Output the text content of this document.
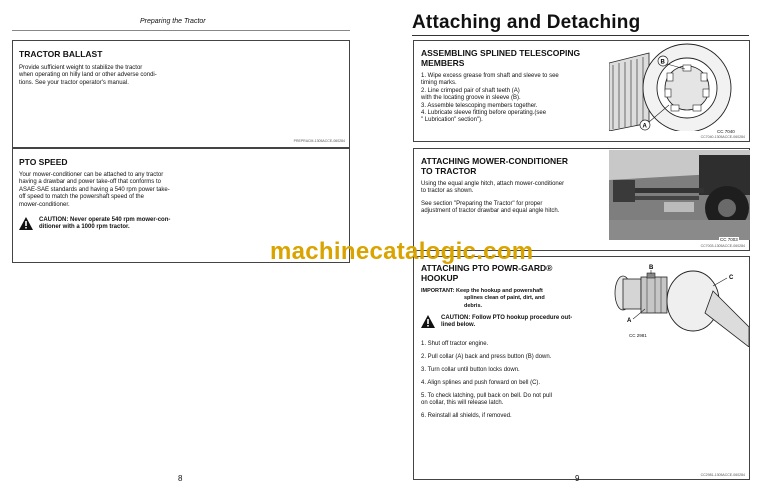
Preparing the Tractor
TRACTOR BALLAST

Provide sufficient weight to stabilize the tractor

when operating on hilly land or other adverse condi-

tions. See your tractor operator's manual.

PREPRACM-1305ACCE-060284
PTO SPEED

Your mower-conditioner can be attached to any tractor

having a drawbar and power take-off that conforms to

ASAE-SAE standards and having a 540 rpm power take-

off speed to match the powershaft speed of the

mower-conditioner.

CAUTION: Never operate 540 rpm mower-con-
ditioner with a 1000 rpm tractor.
8
Attaching and Detaching
ASSEMBLING SPLINED TELESCOPING
MEMBERS
1. Wipe excess grease from shaft and sleeve to see
timing marks.
2. Line crimped pair of shaft teeth (A)
with the locating groove in sleeve (B).
3. Assemble telescoping members together.
4. Lubricate sleeve fitting before operating.(see
" Lubrication" section").
B
A
CC 7040
CC7040-1305ACCE-060284
ATTACHING MOWER-CONDITIONER
TO TRACTOR

Using the equal angle hitch, attach mower-conditioner

to tractor as shown.

See section "Preparing the Tractor" for proper

adjustment of tractor drawbar and equal angle hitch.

CC 7003
CC7003-1305ACCE-060284
ATTACHING PTO POWR-GARD®
HOOKUP

IMPORTANT: Keep the hookup and powershaft

splines clean of paint, dirt, and

debris.

CAUTION: Follow PTO hookup procedure out-
lined below.

1. Shut off tractor engine.

2. Pull collar (A) back and press button (B) down.

3. Turn collar until button locks down.

4. Align splines and push forward on bell (C).

5. To check latching, pull back on bell. Do not pull

on collar, this will release latch.

6. Reinstall all shields, if removed.

B
C
A
CC 2981
CC2981-1305ACCE-060284
9
machinecatalogic.com
